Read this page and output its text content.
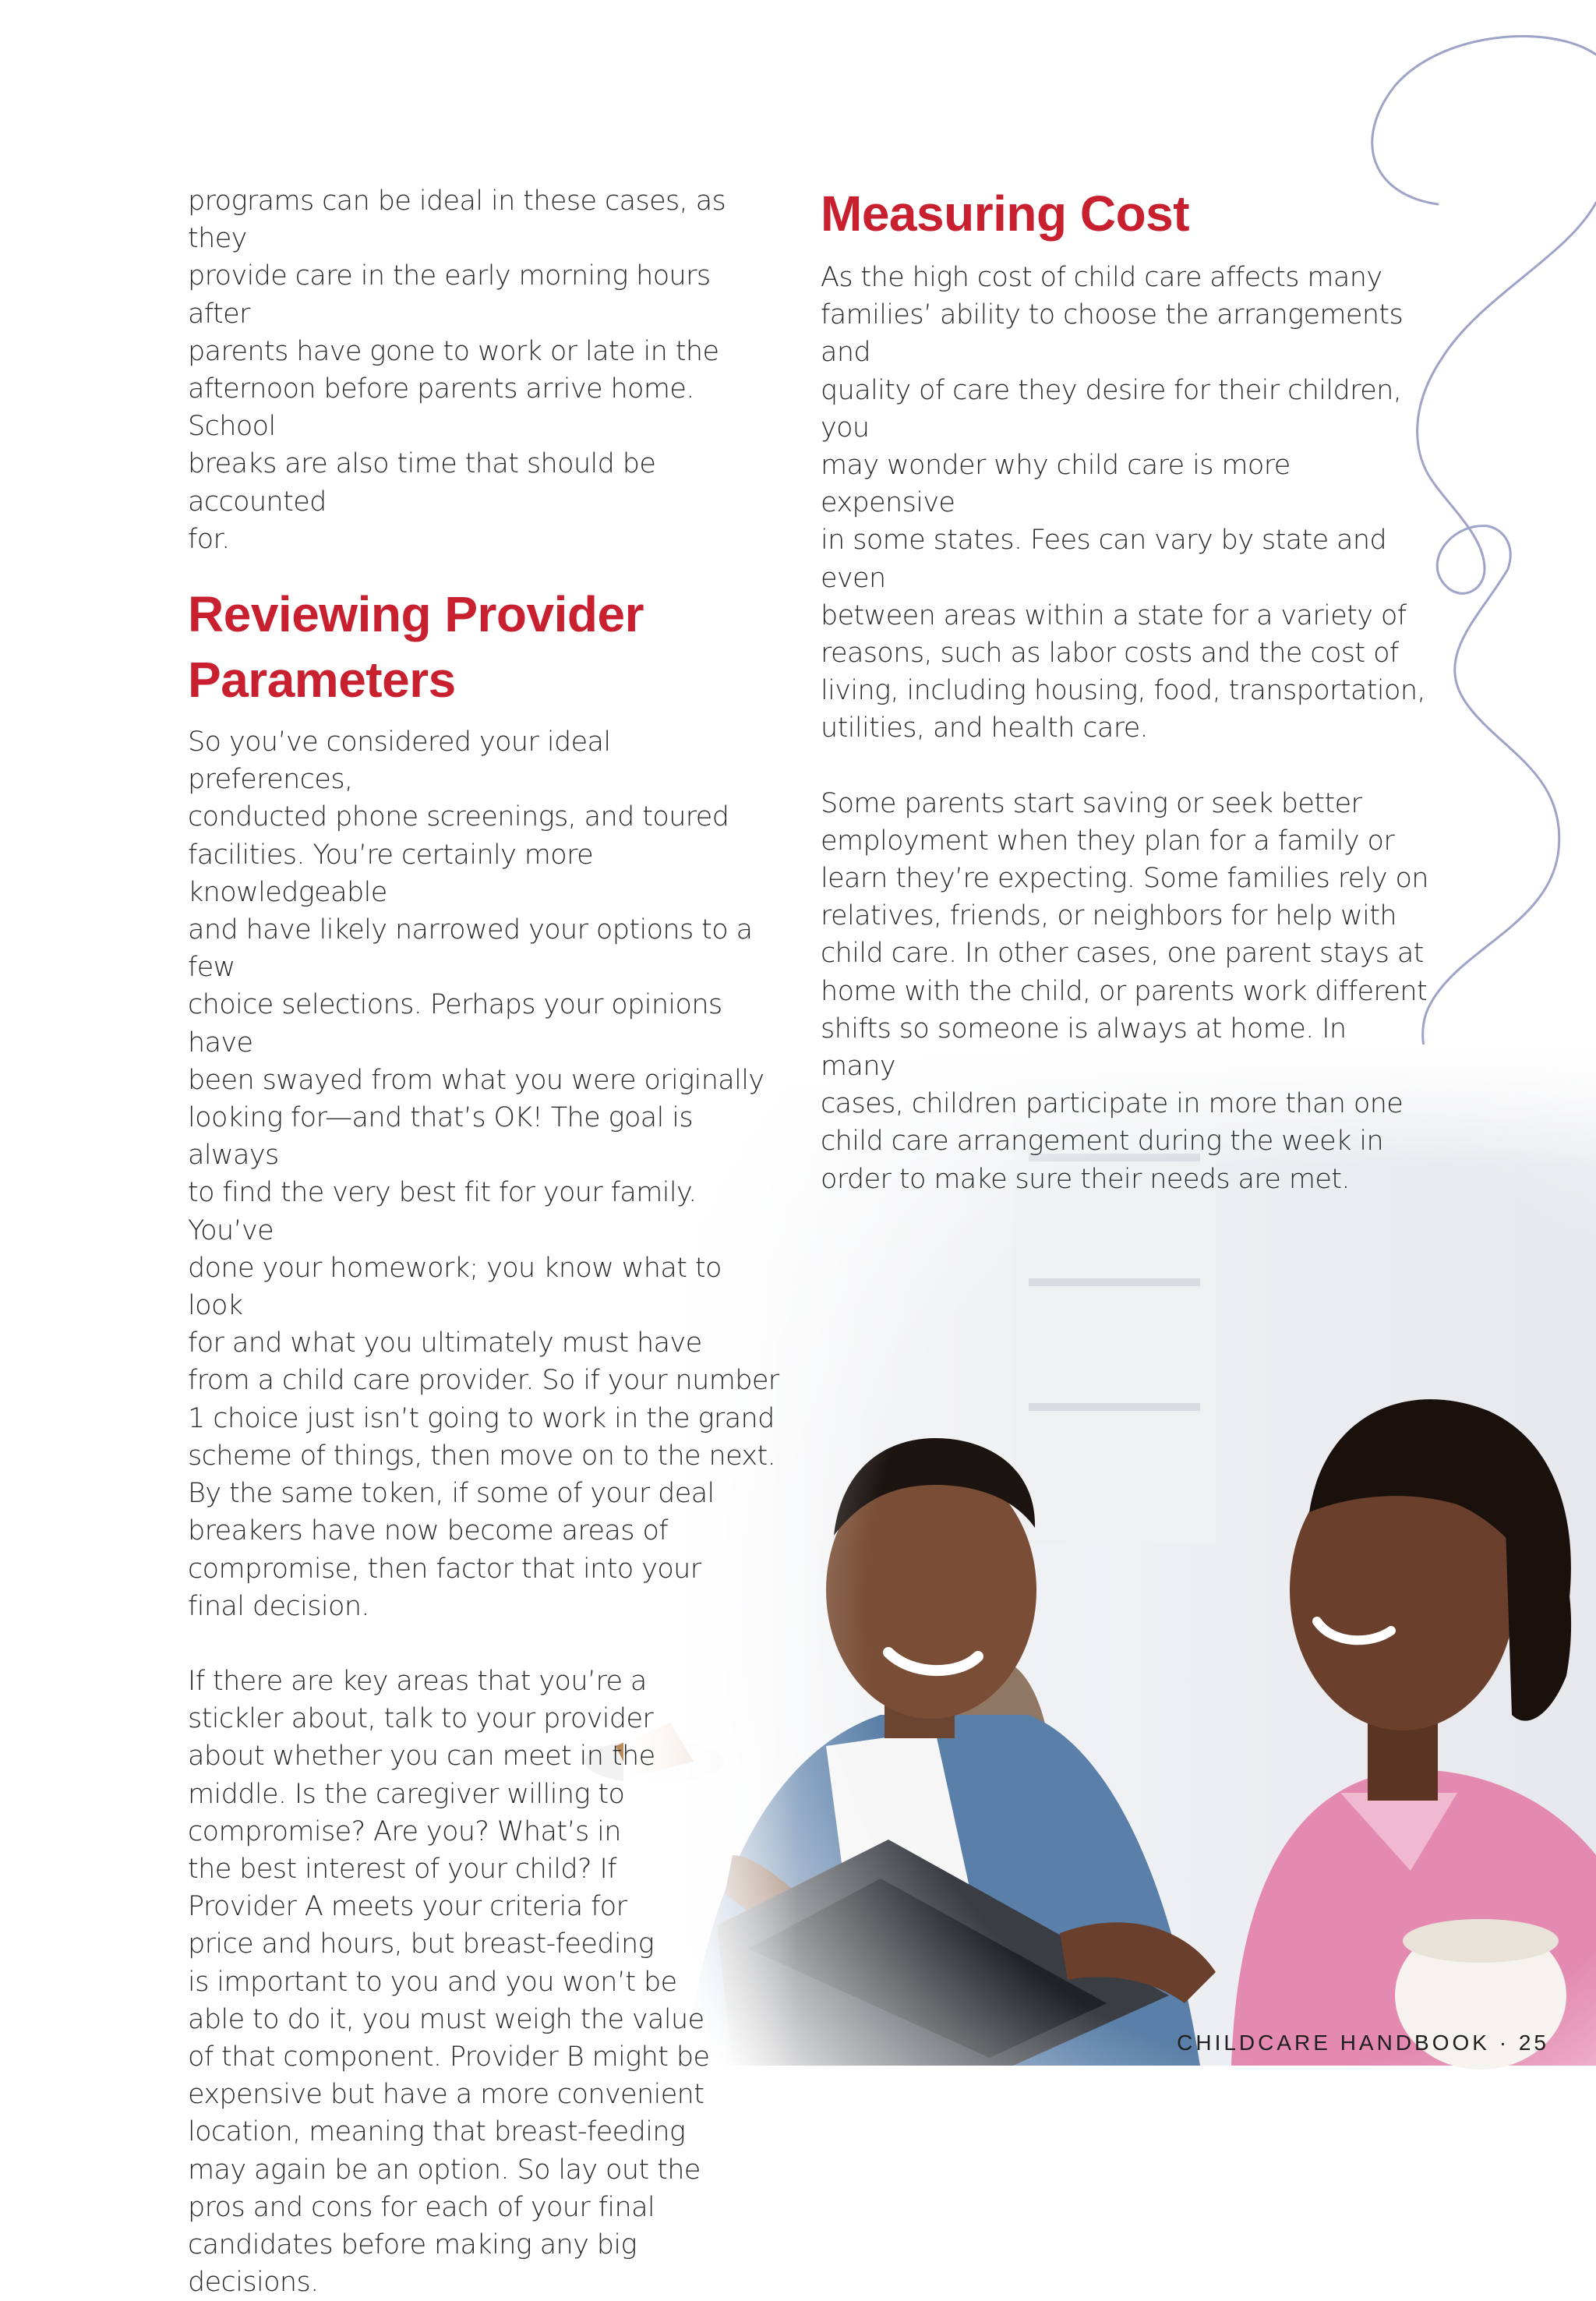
programs can be ideal in these cases, as they
provide care in the early morning hours after
parents have gone to work or late in the
afternoon before parents arrive home. School
breaks are also time that should be accounted
for.

Reviewing Provider
Parameters

So you’ve considered your ideal preferences,
conducted phone screenings, and toured
facilities. You’re certainly more knowledgeable
and have likely narrowed your options to a few
choice selections. Perhaps your opinions have
been swayed from what you were originally
looking for—and that’s OK! The goal is always
to find the very best fit for your family. You’ve
done your homework; you know what to look
for and what you ultimately must have
from a child care provider. So if your number
1 choice just isn’t going to work in the grand
scheme of things, then move on to the next.
By the same token, if some of your deal
breakers have now become areas of
compromise, then factor that into your
final decision.

If there are key areas that you’re a
stickler about, talk to your provider
about whether you can meet in the
middle. Is the caregiver willing to
compromise? Are you? What’s in
the best interest of your child? If
Provider A meets your criteria for
price and hours, but breast-feeding
is important to you and you won’t be
able to do it, you must weigh the value
of that component. Provider B might be
expensive but have a more convenient
location, meaning that breast-feeding
may again be an option. So lay out the
pros and cons for each of your final
candidates before making any big
decisions.

Measuring Cost

As the high cost of child care affects many
families’ ability to choose the arrangements and
quality of care they desire for their children, you
may wonder why child care is more expensive
in some states. Fees can vary by state and even
between areas within a state for a variety of
reasons, such as labor costs and the cost of
living, including housing, food, transportation,
utilities, and health care.

Some parents start saving or seek better
employment when they plan for a family or
learn they’re expecting. Some families rely on
relatives, friends, or neighbors for help with
child care. In other cases, one parent stays at
home with the child, or parents work different
shifts so someone is always at home. In many
cases, children participate in more than one
child care arrangement during the week in
order to make sure their needs are met.

CHILDCARE HANDBOOK · 25
